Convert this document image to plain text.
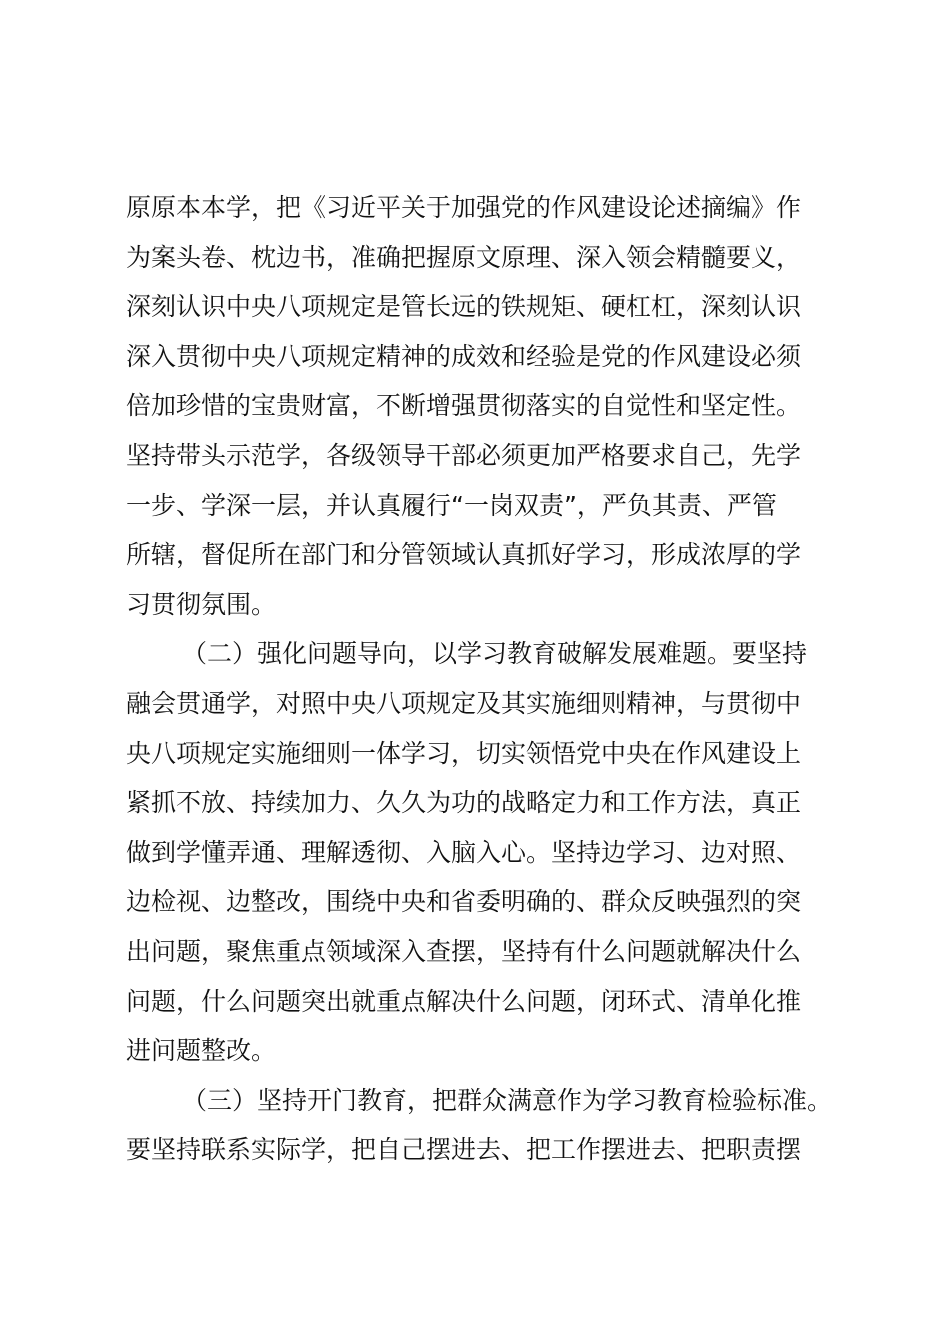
原原本本学，把《习近平关于加强党的作风建设论述摘编》作
为案头卷、枕边书，准确把握原文原理、深入领会精髓要义，
深刻认识中央八项规定是管长远的铁规矩、硬杠杠，深刻认识
深入贯彻中央八项规定精神的成效和经验是党的作风建设必须
倍加珍惜的宝贵财富，不断增强贯彻落实的自觉性和坚定性。
坚持带头示范学，各级领导干部必须更加严格要求自己，先学
一步、学深一层，并认真履行“一岗双责”，严负其责、严管
所辖，督促所在部门和分管领域认真抓好学习，形成浓厚的学
习贯彻氛围。
（二）强化问题导向，以学习教育破解发展难题。要坚持
融会贯通学，对照中央八项规定及其实施细则精神，与贯彻中
央八项规定实施细则一体学习，切实领悟党中央在作风建设上
紧抓不放、持续加力、久久为功的战略定力和工作方法，真正
做到学懂弄通、理解透彻、入脑入心。坚持边学习、边对照、
边检视、边整改，围绕中央和省委明确的、群众反映强烈的突
出问题，聚焦重点领域深入查摆，坚持有什么问题就解决什么
问题，什么问题突出就重点解决什么问题，闭环式、清单化推
进问题整改。
（三）坚持开门教育，把群众满意作为学习教育检验标准。
要坚持联系实际学，把自己摆进去、把工作摆进去、把职责摆
